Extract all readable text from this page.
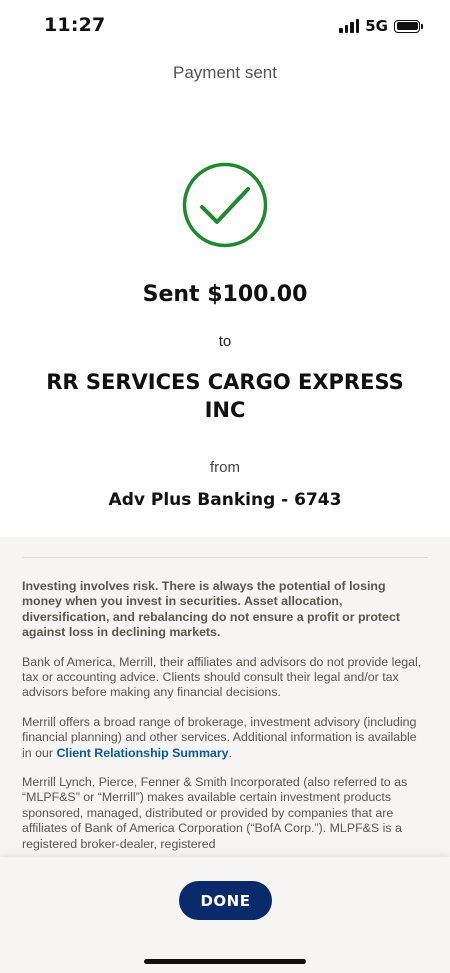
11:27	5G
Payment sent
Sent $100.00
to
RR SERVICES CARGO EXPRESS
INC
from
Adv Plus Banking - 6743

Investing involves risk. There is always the potential of losing money when you invest in securities. Asset allocation, diversification, and rebalancing do not ensure a profit or protect against loss in declining markets.

Bank of America, Merrill, their affiliates and advisors do not provide legal, tax or accounting advice. Clients should consult their legal and/or tax advisors before making any financial decisions.

Merrill offers a broad range of brokerage, investment advisory (including financial planning) and other services. Additional information is available in our Client Relationship Summary.

Merrill Lynch, Pierce, Fenner & Smith Incorporated (also referred to as “MLPF&S” or “Merrill”) makes available certain investment products sponsored, managed, distributed or provided by companies that are affiliates of Bank of America Corporation (“BofA Corp.”). MLPF&S is a registered broker-dealer, registered

DONE
